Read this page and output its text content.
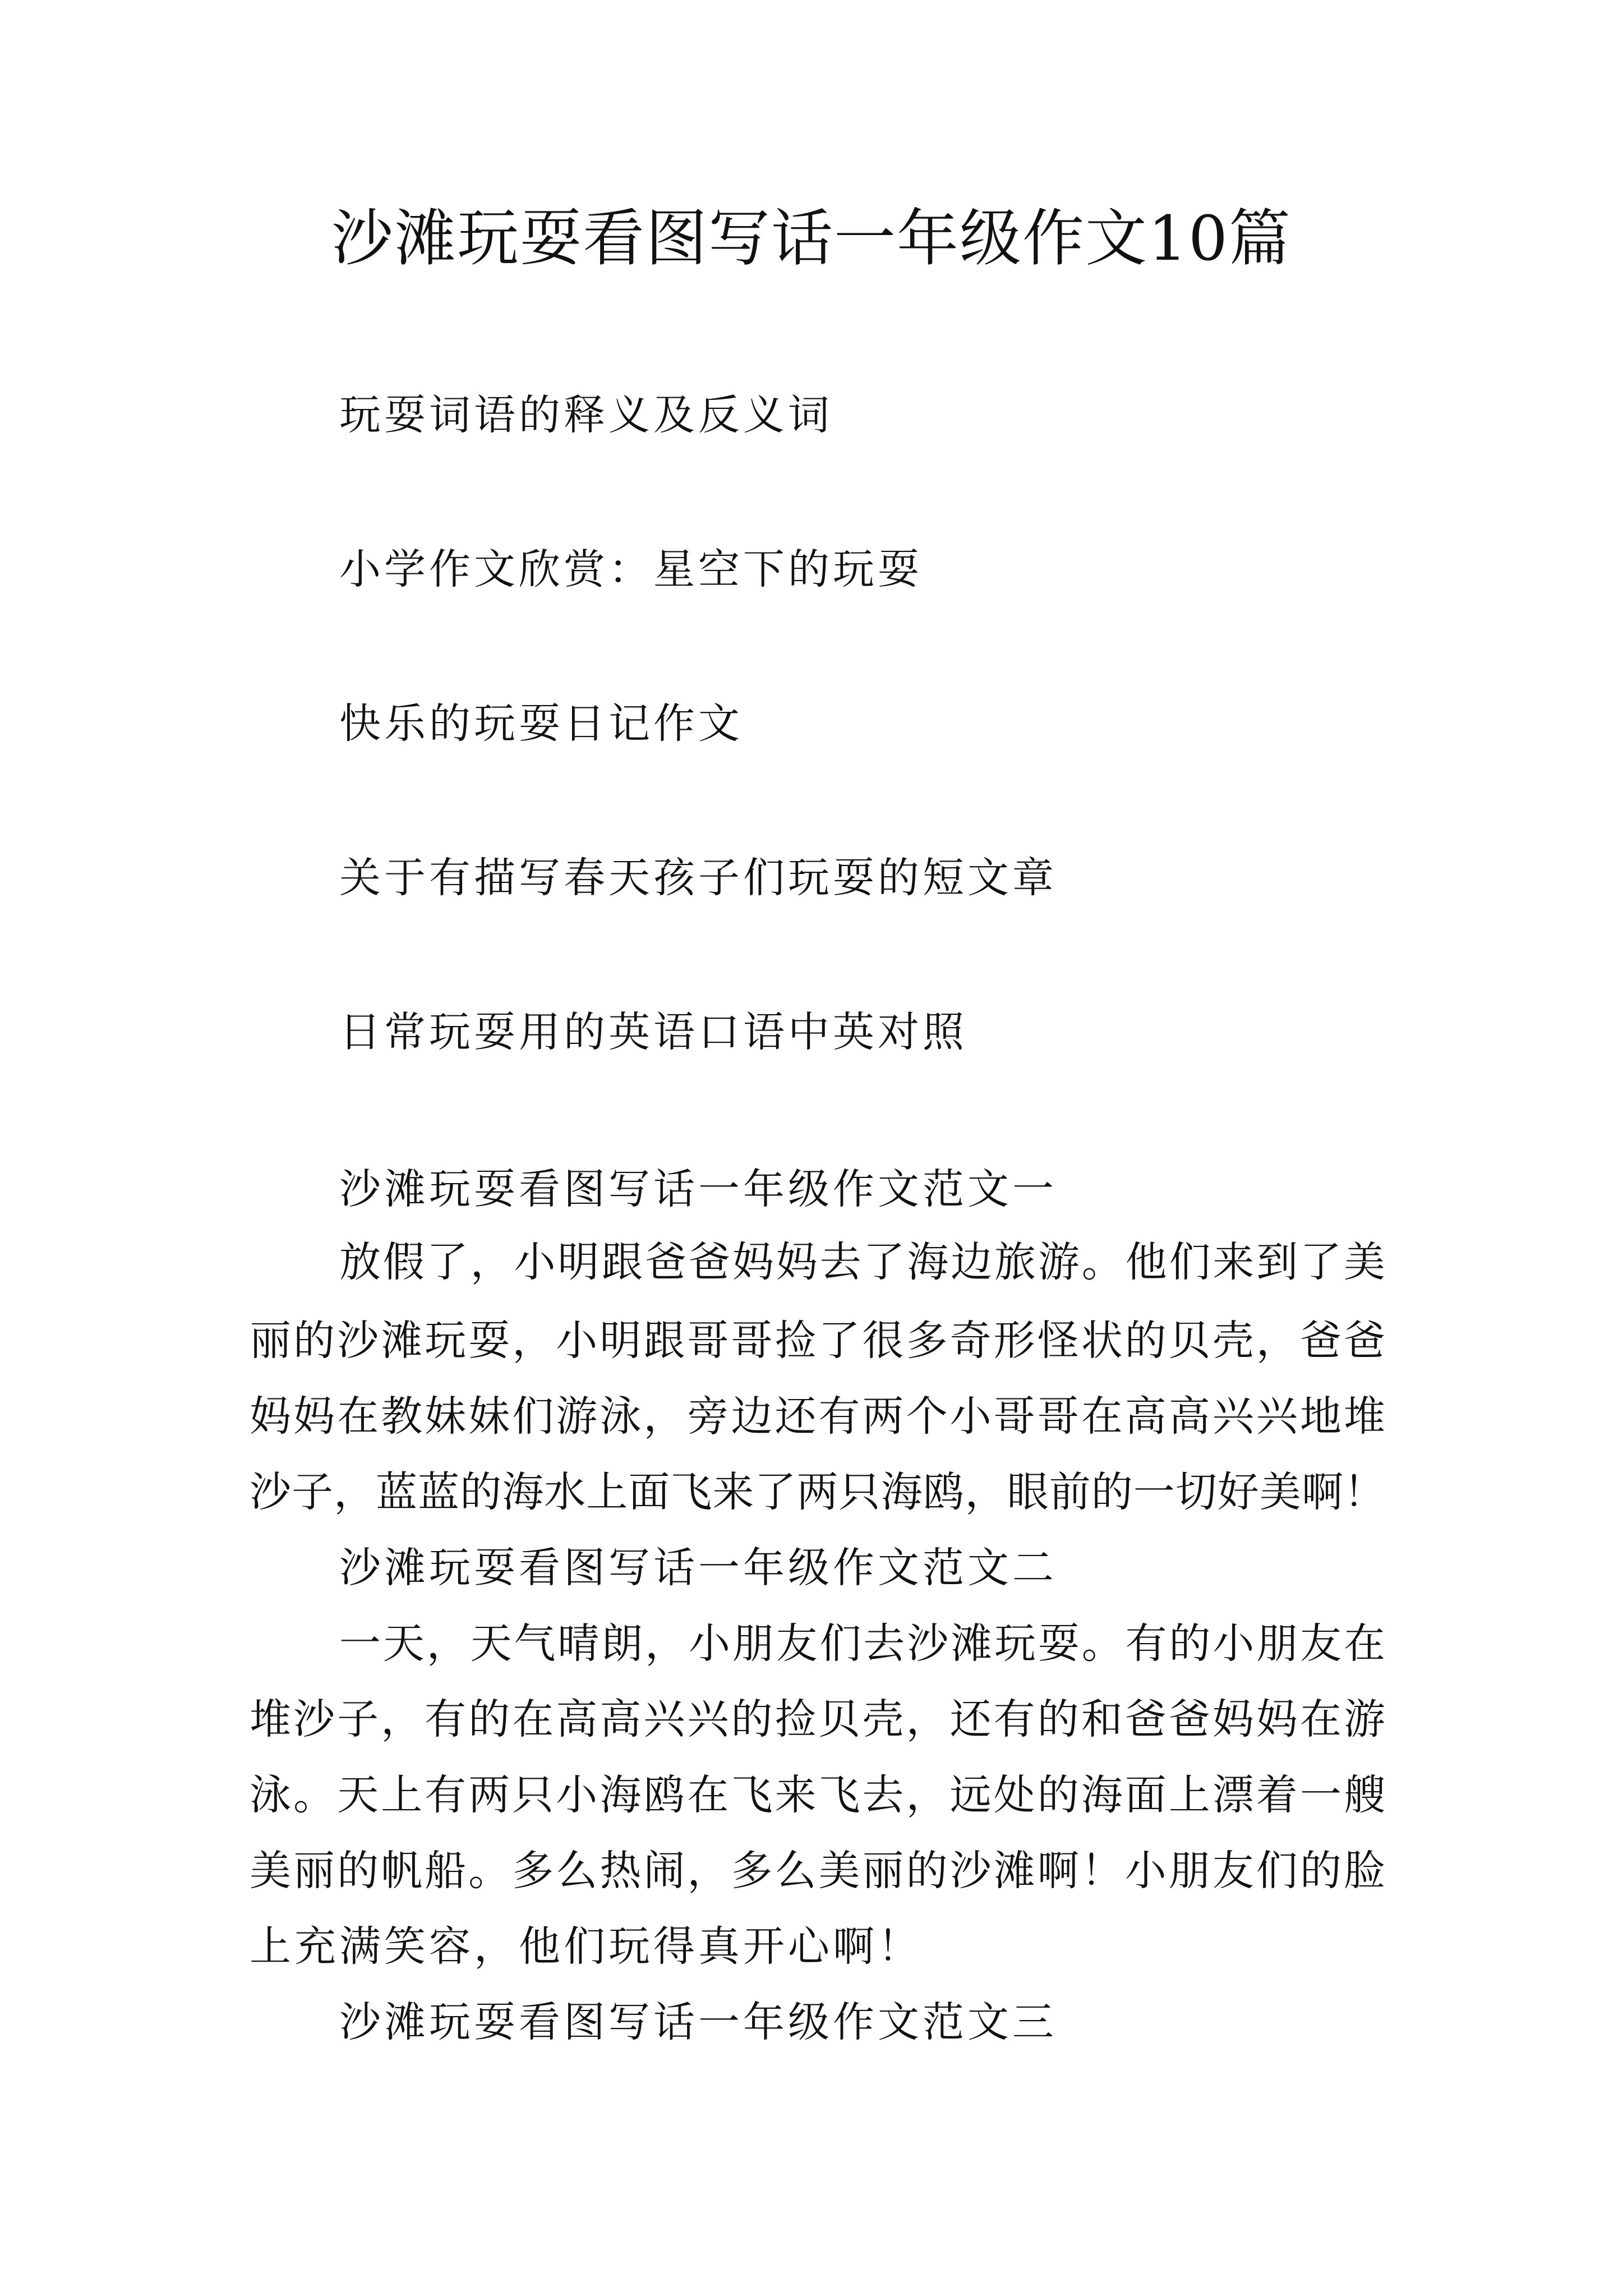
沙滩玩耍看图写话一年级作文10篇
玩耍词语的释义及反义词
小学作文欣赏：星空下的玩耍
快乐的玩耍日记作文
关于有描写春天孩子们玩耍的短文章
日常玩耍用的英语口语中英对照
沙滩玩耍看图写话一年级作文范文一
放假了，小明跟爸爸妈妈去了海边旅游。他们来到了美
丽的沙滩玩耍，小明跟哥哥捡了很多奇形怪状的贝壳，爸爸
妈妈在教妹妹们游泳，旁边还有两个小哥哥在高高兴兴地堆
沙子，蓝蓝的海水上面飞来了两只海鸥，眼前的一切好美啊！
沙滩玩耍看图写话一年级作文范文二
一天，天气晴朗，小朋友们去沙滩玩耍。有的小朋友在
堆沙子，有的在高高兴兴的捡贝壳，还有的和爸爸妈妈在游
泳。天上有两只小海鸥在飞来飞去，远处的海面上漂着一艘
美丽的帆船。多么热闹，多么美丽的沙滩啊！小朋友们的脸
上充满笑容，他们玩得真开心啊！
沙滩玩耍看图写话一年级作文范文三
